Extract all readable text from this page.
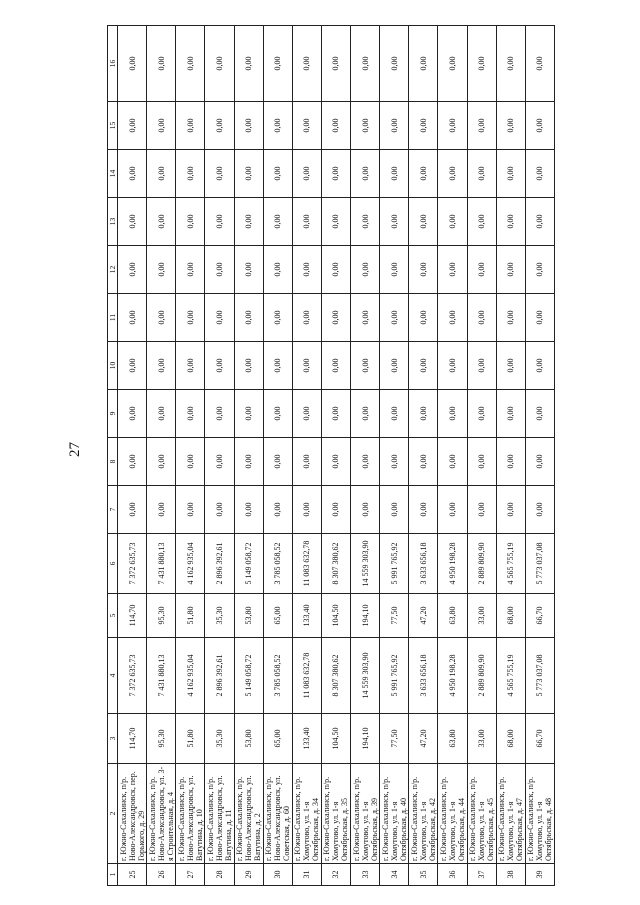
27
1	2	3	4	5	6	7	8	9	10	11	12	13	14	15	16
25	г. Южно-Сахалинск, п/р. Ново-Александровск, пер. Горького, д. 29	114,70	7 372 635,73	114,70	7 372 635,73	0,00	0,00	0,00	0,00	0,00	0,00	0,00	0,00	0,00	0,00
26	г. Южно-Сахалинск, п/р. Ново-Александровск, ул. 3-я Строительная, д. 4	95,30	7 431 880,13	95,30	7 431 880,13	0,00	0,00	0,00	0,00	0,00	0,00	0,00	0,00	0,00	0,00
27	г. Южно-Сахалинск, п/р. Ново-Александровск, ул. Ватутина, д. 10	51,80	4 162 935,04	51,80	4 162 935,04	0,00	0,00	0,00	0,00	0,00	0,00	0,00	0,00	0,00	0,00
28	г. Южно-Сахалинск, п/р. Ново-Александровск, ул. Ватутина, д. 11	35,30	2 896 392,61	35,30	2 896 392,61	0,00	0,00	0,00	0,00	0,00	0,00	0,00	0,00	0,00	0,00
29	г. Южно-Сахалинск, п/р. Ново-Александровск, ул. Ватутина, д. 2	53,80	5 149 058,72	53,80	5 149 058,72	0,00	0,00	0,00	0,00	0,00	0,00	0,00	0,00	0,00	0,00
30	г. Южно-Сахалинск, п/р. Ново-Александровск, ул. Советская, д. 60	65,00	3 785 058,52	65,00	3 785 058,52	0,00	0,00	0,00	0,00	0,00	0,00	0,00	0,00	0,00	0,00
31	г. Южно-Сахалинск, п/р. Хомутово, ул. 1-я Октябрьская, д. 34	133,40	11 083 632,78	133,40	11 083 632,78	0,00	0,00	0,00	0,00	0,00	0,00	0,00	0,00	0,00	0,00
32	г. Южно-Сахалинск, п/р. Хомутово, ул. 1-я Октябрьская, д. 35	104,50	8 307 380,62	104,50	8 307 380,62	0,00	0,00	0,00	0,00	0,00	0,00	0,00	0,00	0,00	0,00
33	г. Южно-Сахалинск, п/р. Хомутово, ул. 1-я Октябрьская, д. 39	194,10	14 559 303,90	194,10	14 559 303,90	0,00	0,00	0,00	0,00	0,00	0,00	0,00	0,00	0,00	0,00
34	г. Южно-Сахалинск, п/р. Хомутово, ул. 1-я Октябрьская, д. 40	77,50	5 991 765,92	77,50	5 991 765,92	0,00	0,00	0,00	0,00	0,00	0,00	0,00	0,00	0,00	0,00
35	г. Южно-Сахалинск, п/р. Хомутово, ул. 1-я Октябрьская, д. 42	47,20	3 633 656,18	47,20	3 633 656,18	0,00	0,00	0,00	0,00	0,00	0,00	0,00	0,00	0,00	0,00
36	г. Южно-Сахалинск, п/р. Хомутово, ул. 1-я Октябрьская, д. 44	63,80	4 950 198,28	63,80	4 950 198,28	0,00	0,00	0,00	0,00	0,00	0,00	0,00	0,00	0,00	0,00
37	г. Южно-Сахалинск, п/р. Хомутово, ул. 1-я Октябрьская, д. 45	33,00	2 889 809,90	33,00	2 889 809,90	0,00	0,00	0,00	0,00	0,00	0,00	0,00	0,00	0,00	0,00
38	г. Южно-Сахалинск, п/р. Хомутово, ул. 1-я Октябрьская, д. 47	68,00	4 565 755,19	68,00	4 565 755,19	0,00	0,00	0,00	0,00	0,00	0,00	0,00	0,00	0,00	0,00
39	г. Южно-Сахалинск, п/р. Хомутово, ул. 1-я Октябрьская, д. 48	66,70	5 773 037,08	66,70	5 773 037,08	0,00	0,00	0,00	0,00	0,00	0,00	0,00	0,00	0,00	0,00
